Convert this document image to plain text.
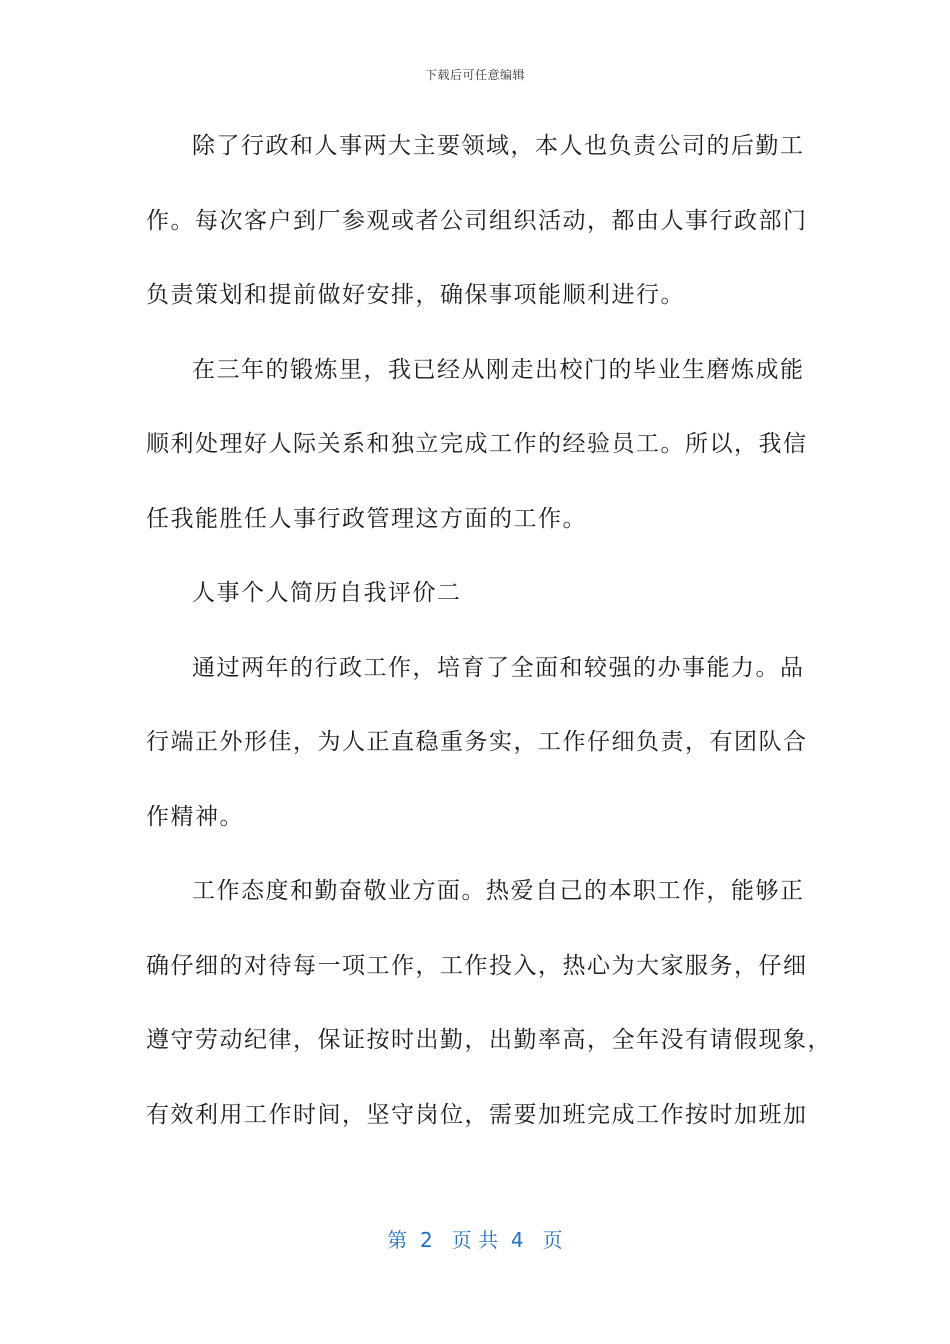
下载后可任意编辑
除了行政和人事两大主要领域，本人也负责公司的后勤工
作。每次客户到厂参观或者公司组织活动，都由人事行政部门
负责策划和提前做好安排，确保事项能顺利进行。
在三年的锻炼里，我已经从刚走出校门的毕业生磨炼成能
顺利处理好人际关系和独立完成工作的经验员工。所以，我信
任我能胜任人事行政管理这方面的工作。
人事个人简历自我评价二
通过两年的行政工作，培育了全面和较强的办事能力。品
行端正外形佳，为人正直稳重务实，工作仔细负责，有团队合
作精神。
工作态度和勤奋敬业方面。热爱自己的本职工作，能够正
确仔细的对待每一项工作，工作投入，热心为大家服务，仔细
遵守劳动纪律，保证按时出勤，出勤率高，全年没有请假现象，
有效利用工作时间，坚守岗位，需要加班完成工作按时加班加
第  2   页 共  4   页
